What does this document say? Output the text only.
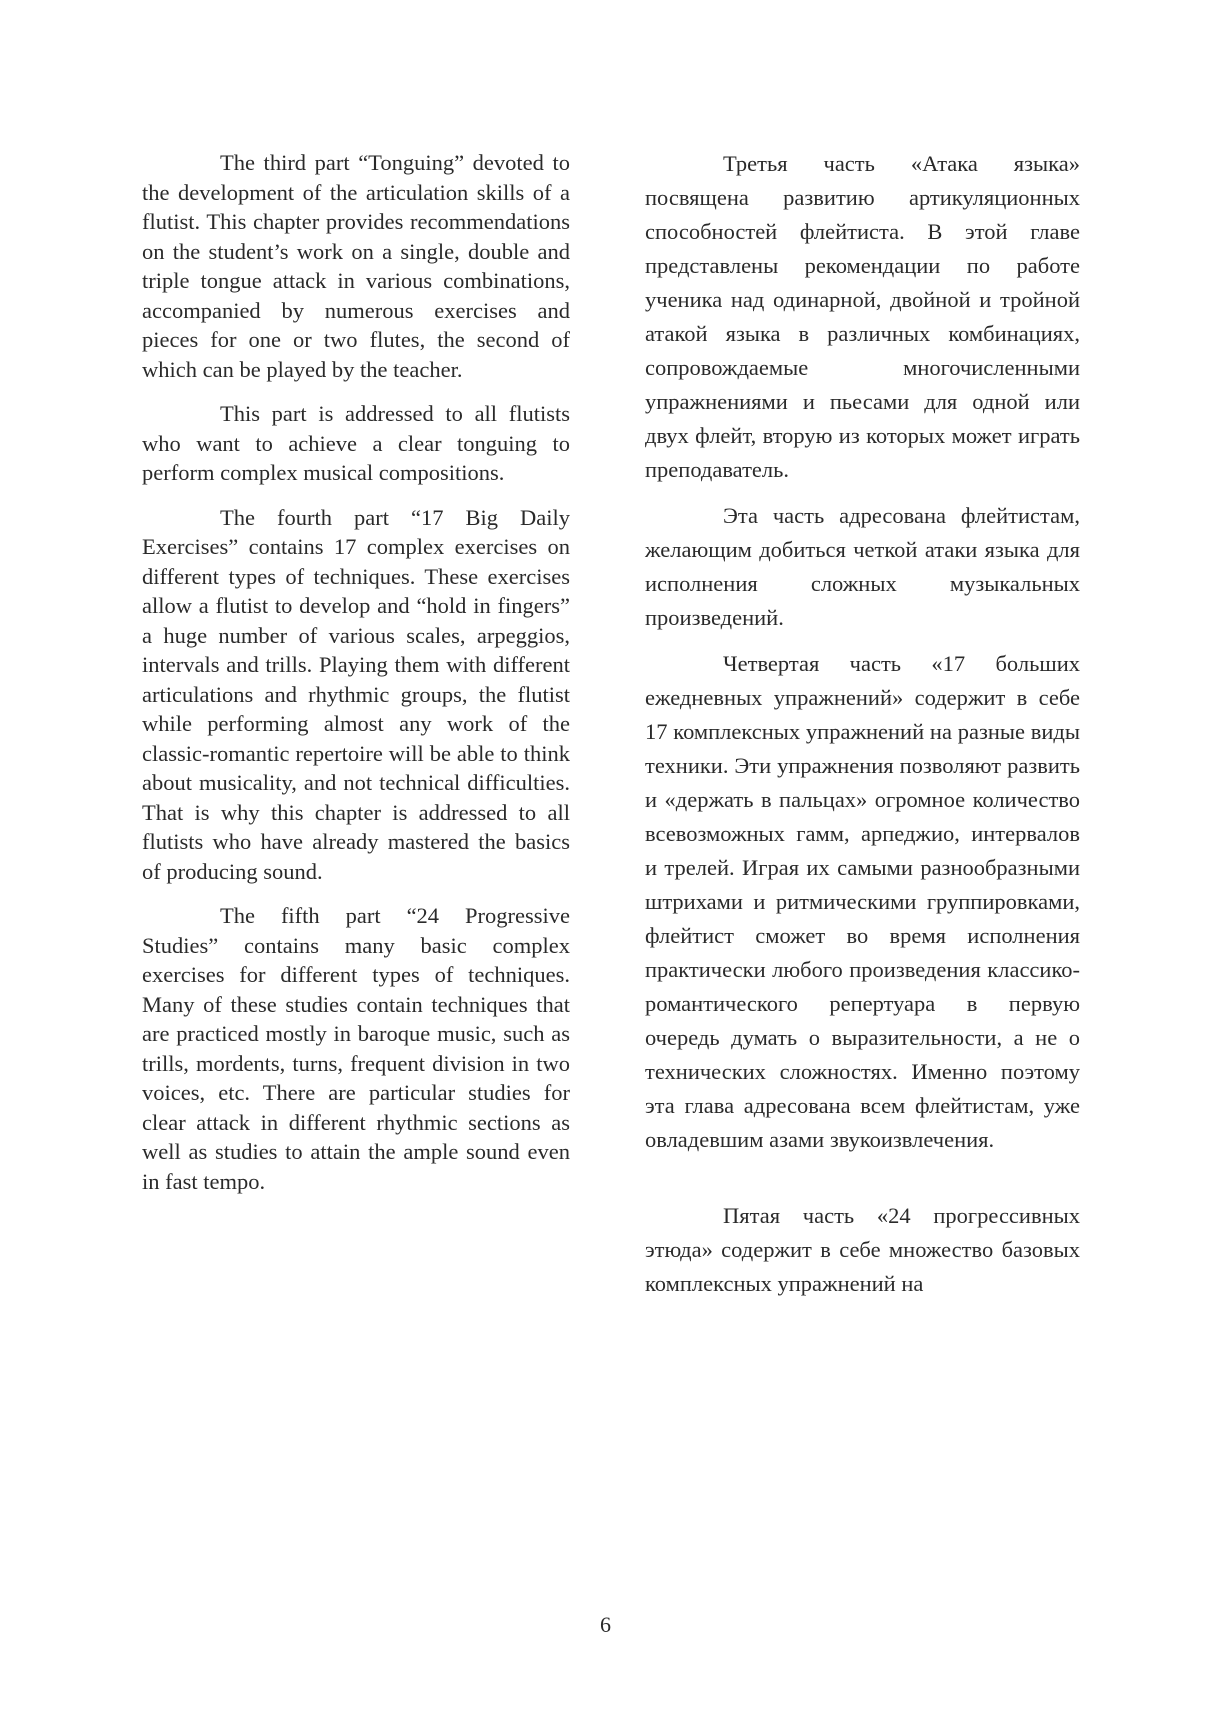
The third part “Tonguing” devoted to the development of the articulation skills of a flutist. This chapter provides recommendations on the student’s work on a single, double and triple tongue attack in various combinations, accompanied by numerous exercises and pieces for one or two flutes, the second of which can be played by the teacher.

This part is addressed to all flutists who want to achieve a clear tonguing to perform complex musical compositions.

The fourth part “17 Big Daily Exercises” contains 17 complex exercises on different types of techniques. These exercises allow a flutist to develop and “hold in fingers” a huge number of various scales, arpeggios, intervals and trills. Playing them with different articulations and rhythmic groups, the flutist while performing almost any work of the classic-romantic repertoire will be able to think about musicality, and not technical difficulties. That is why this chapter is addressed to all flutists who have already mastered the basics of producing sound.

The fifth part “24 Progressive Studies” contains many basic complex exercises for different types of techniques. Many of these studies contain techniques that are practiced mostly in baroque music, such as trills, mordents, turns, frequent division in two voices, etc. There are particular studies for clear attack in different rhythmic sections as well as studies to attain the ample sound even in fast tempo.

Третья часть «Атака языка» посвящена развитию артикуляционных способностей флейтиста. В этой главе представлены рекомендации по работе ученика над одинарной, двойной и тройной атакой языка в различных комбинациях, сопровождаемые многочисленными упражнениями и пьесами для одной или двух флейт, вторую из которых может играть преподаватель.

Эта часть адресована флейтистам, желающим добиться четкой атаки языка для исполнения сложных музыкальных произведений.

Четвертая часть «17 больших ежедневных упражнений» содержит в себе 17 комплексных упражнений на разные виды техники. Эти упражнения позволяют развить и «держать в пальцах» огромное количество всевозможных гамм, арпеджио, интервалов и трелей. Играя их самыми разнообразными штрихами и ритмическими группировками, флейтист сможет во время исполнения практически любого произведения классико-романтического репертуара в первую очередь думать о выразительности, а не о технических сложностях. Именно поэтому эта глава адресована всем флейтистам, уже овладевшим азами звукоизвлечения.

Пятая часть «24 прогрессивных этюда» содержит в себе множество базовых комплексных упражнений на

6
